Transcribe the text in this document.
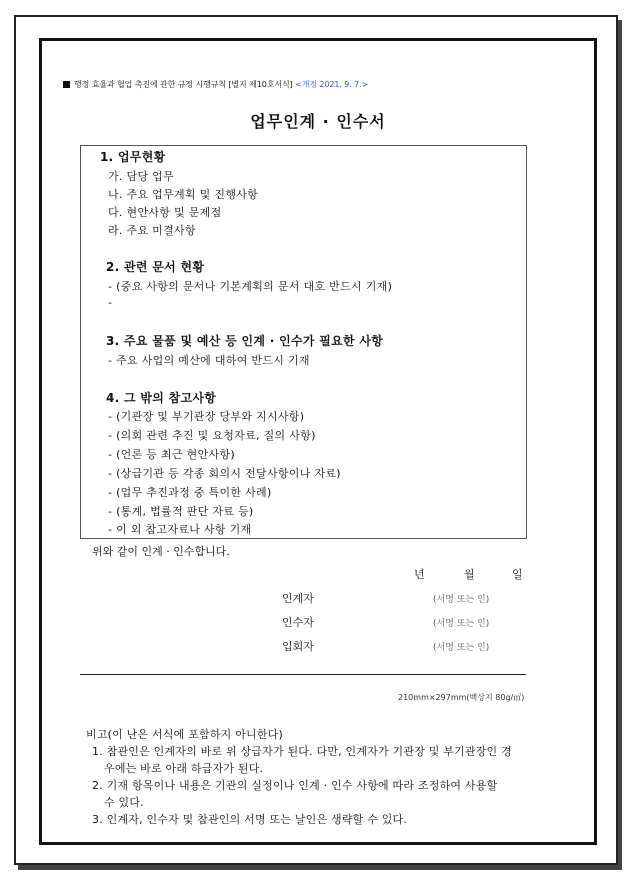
행정 효율과 협업 촉진에 관한 규정 시행규칙 [별지 제10호서식] <개정 2021. 9. 7.>
업무인계 · 인수서
1. 업무현황
가. 담당 업무
나. 주요 업무계획 및 진행사항
다. 현안사항 및 문제점
라. 주요 미결사항
2. 관련 문서 현황
- (중요 사항의 문서나 기본계획의 문서 대호 반드시 기재)
-
3. 주요 물품 및 예산 등 인계 · 인수가 필요한 사항
- 주요 사업의 예산에 대하여 반드시 기재
4. 그 밖의 참고사항
- (기관장 및 부기관장 당부와 지시사항)
- (의회 관련 추진 및 요청자료, 질의 사항)
- (언론 등 최근 현안사항)
- (상급기관 등 각종 회의시 전달사항이나 자료)
- (업무 추진과정 중 특이한 사례)
- (통계, 법률적 판단 자료 등)
- 이 외 참고자료나 사항 기재
위와 같이 인계 · 인수합니다.
년	월	일
인계자	(서명 또는 인)
인수자	(서명 또는 인)
입회자	(서명 또는 인)
210mm×297mm(백상지 80g/㎡)
비고(이 난은 서식에 포함하지 아니한다)
1. 참관인은 인계자의 바로 위 상급자가 된다. 다만, 인계자가 기관장 및 부기관장인 경
우에는 바로 아래 하급자가 된다.
2. 기재 항목이나 내용은 기관의 실정이나 인계 · 인수 사항에 따라 조정하여 사용할
수 있다.
3. 인계자, 인수자 및 참관인의 서명 또는 날인은 생략할 수 있다.
